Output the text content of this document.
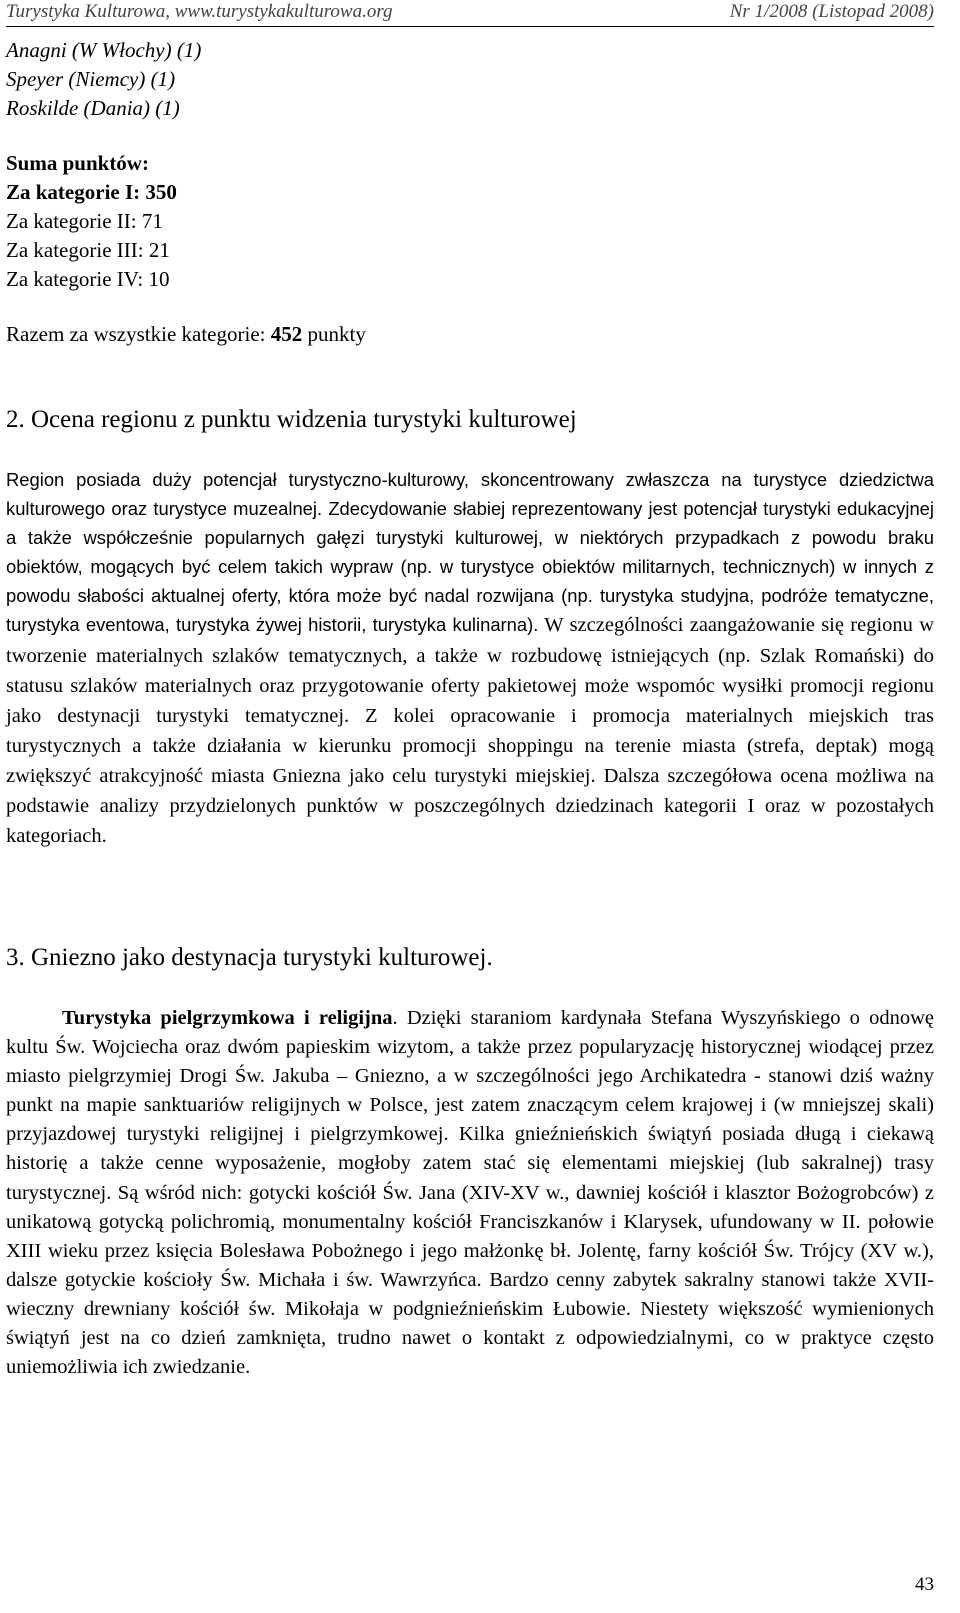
Turystyka Kulturowa, www.turystykakulturowa.org	Nr 1/2008 (Listopad 2008)
Anagni (W Włochy) (1)
Speyer (Niemcy) (1)
Roskilde (Dania) (1)
Suma punktów:
Za kategorie I: 350
Za kategorie II: 71
Za kategorie III: 21
Za kategorie IV: 10
Razem za wszystkie kategorie: 452 punkty
2. Ocena regionu z punktu widzenia turystyki kulturowej

Region posiada duży potencjał turystyczno-kulturowy, skoncentrowany zwłaszcza na turystyce dziedzictwa kulturowego oraz turystyce muzealnej. Zdecydowanie słabiej reprezentowany jest potencjał turystyki edukacyjnej a także współcześnie popularnych gałęzi turystyki kulturowej, w niektórych przypadkach z powodu braku obiektów, mogących być celem takich wypraw (np. w turystyce obiektów militarnych, technicznych) w innych z powodu słabości aktualnej oferty, która może być nadal rozwijana (np. turystyka studyjna, podróże tematyczne, turystyka eventowa, turystyka żywej historii, turystyka kulinarna). W szczególności zaangażowanie się regionu w tworzenie materialnych szlaków tematycznych, a także w rozbudowę istniejących (np. Szlak Romański) do statusu szlaków materialnych oraz przygotowanie oferty pakietowej może wspomóc wysiłki promocji regionu jako destynacji turystyki tematycznej. Z kolei opracowanie i promocja materialnych miejskich tras turystycznych a także działania w kierunku promocji shoppingu na terenie miasta (strefa, deptak) mogą zwiększyć atrakcyjność miasta Gniezna jako celu turystyki miejskiej. Dalsza szczegółowa ocena możliwa na podstawie analizy przydzielonych punktów w poszczególnych dziedzinach kategorii I oraz w pozostałych kategoriach.

3. Gniezno jako destynacja turystyki kulturowej.

Turystyka pielgrzymkowa i religijna. Dzięki staraniom kardynała Stefana Wyszyńskiego o odnowę kultu Św. Wojciecha oraz dwóm papieskim wizytom, a także przez popularyzację historycznej wiodącej przez miasto pielgrzymiej Drogi Św. Jakuba – Gniezno, a w szczególności jego Archikatedra - stanowi dziś ważny punkt na mapie sanktuariów religijnych w Polsce, jest zatem znaczącym celem krajowej i (w mniejszej skali) przyjazdowej turystyki religijnej i pielgrzymkowej. Kilka gnieźnieńskich świątyń posiada długą i ciekawą historię a także cenne wyposażenie, mogłoby zatem stać się elementami miejskiej (lub sakralnej) trasy turystycznej. Są wśród nich: gotycki kościół Św. Jana (XIV-XV w., dawniej kościół i klasztor Bożogrobców) z unikatową gotycką polichromią, monumentalny kościół Franciszkanów i Klarysek, ufundowany w II. połowie XIII wieku przez księcia Bolesława Pobożnego i jego małżonkę bł. Jolentę, farny kościół Św. Trójcy (XV w.), dalsze gotyckie kościoły Św. Michała i św. Wawrzyńca. Bardzo cenny zabytek sakralny stanowi także XVII-wieczny drewniany kościół św. Mikołaja w podgnieźnieńskim Łubowie. Niestety większość wymienionych świątyń jest na co dzień zamknięta, trudno nawet o kontakt z odpowiedzialnymi, co w praktyce często uniemożliwia ich zwiedzanie.

43
